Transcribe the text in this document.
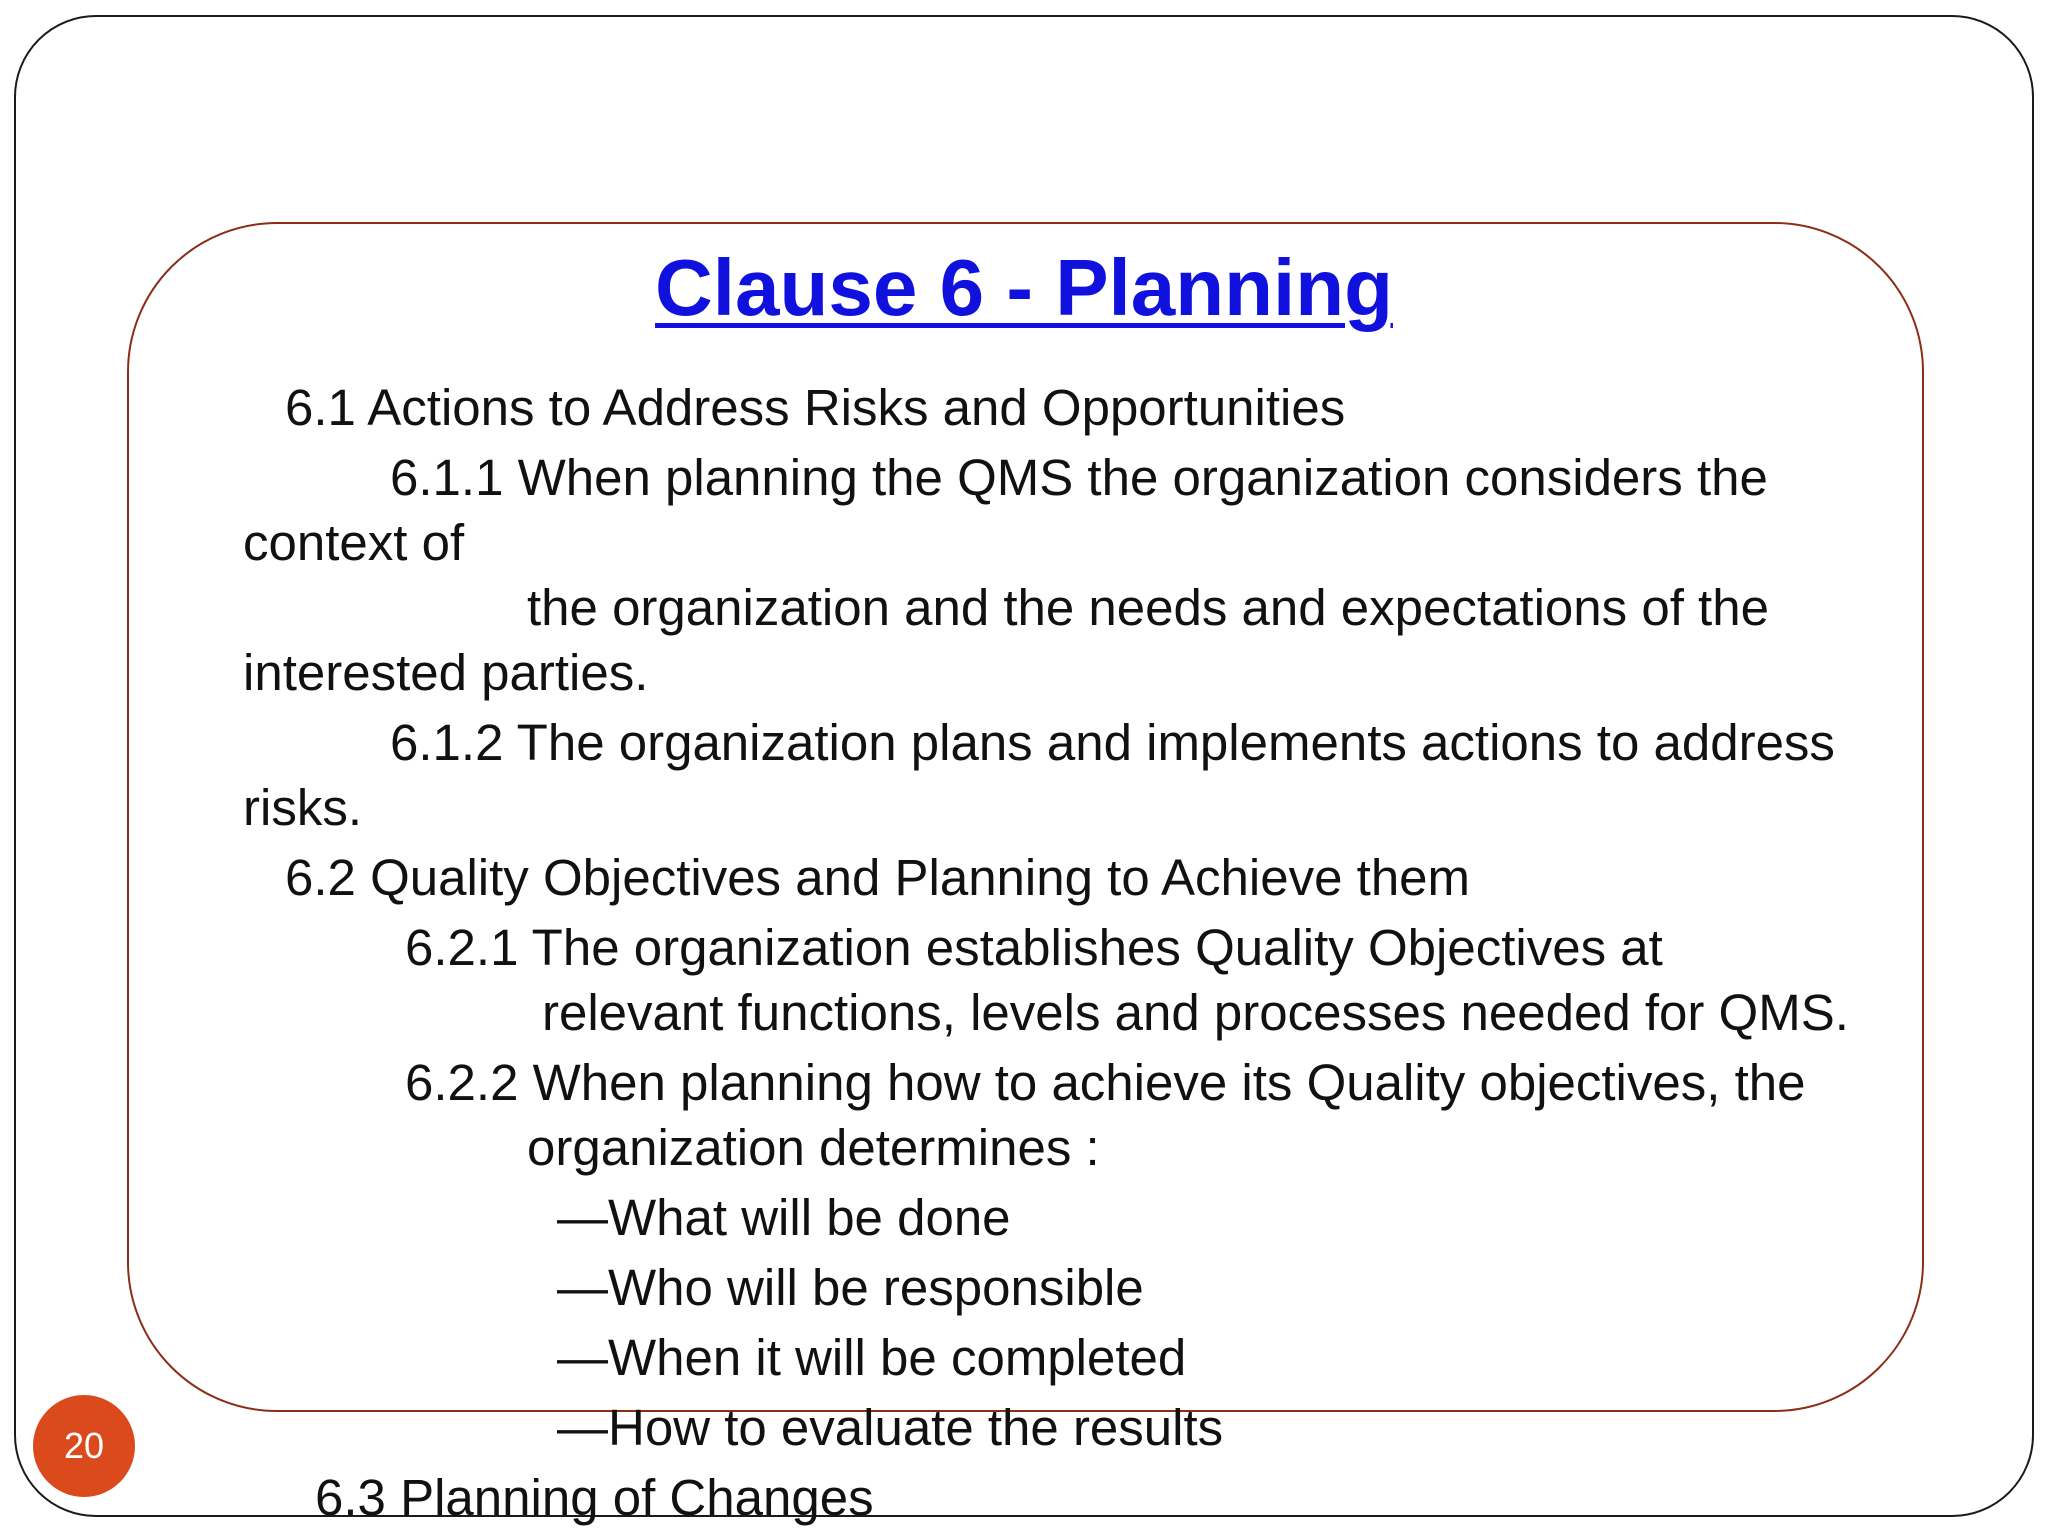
Clause 6 - Planning

6.1 Actions to Address Risks and Opportunities

6.1.1 When planning the QMS the organization considers the

context of

the organization and the needs and expectations of the

interested parties.

6.1.2 The organization plans and implements actions to address

risks.

6.2 Quality Objectives and Planning to Achieve them

6.2.1 The organization establishes Quality Objectives at

relevant functions, levels and processes needed for QMS.

6.2.2 When planning how to achieve its Quality objectives, the

organization determines :

—What will be done

—Who will be responsible

—When it will be completed

—How to evaluate the results

6.3 Planning of Changes

20
